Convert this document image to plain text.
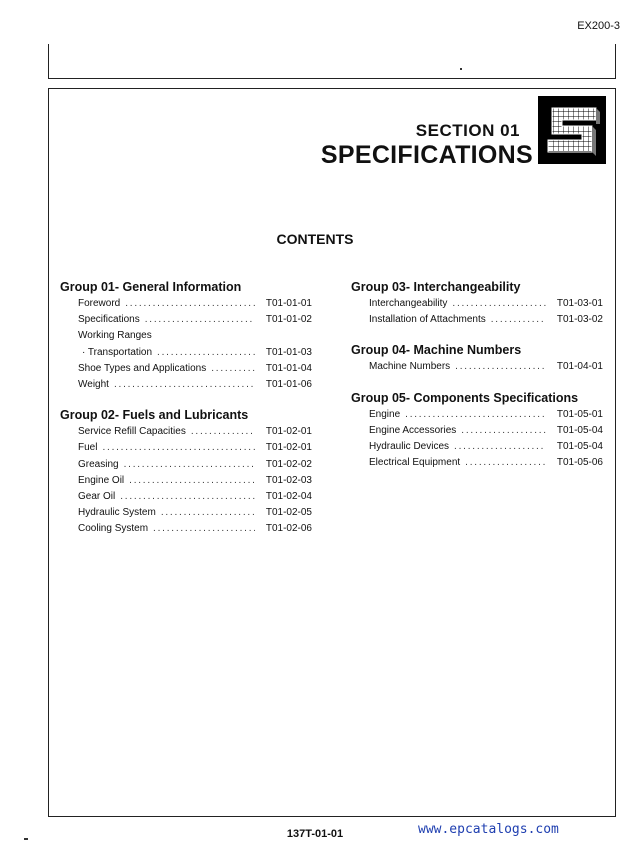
EX200-3
SECTION 01
SPECIFICATIONS
CONTENTS
Group 01- General Information
Foreword . . .	T01-01-01
Specifications . . .	T01-01-02
Working Ranges
· Transportation . . .	T01-01-03
Shoe Types and Applications . . .	T01-01-04
Weight . . .	T01-01-06
Group 02- Fuels and Lubricants
Service Refill Capacities . . .	T01-02-01
Fuel . . .	T01-02-01
Greasing . . .	T01-02-02
Engine Oil . . .	T01-02-03
Gear Oil . . .	T01-02-04
Hydraulic System . . .	T01-02-05
Cooling System . . .	T01-02-06
Group 03- Interchangeability
Interchangeability . . .	T01-03-01
Installation of Attachments . . .	T01-03-02
Group 04- Machine Numbers
Machine Numbers . . .	T01-04-01
Group 05- Components Specifications
Engine . . .	T01-05-01
Engine Accessories . . .	T01-05-04
Hydraulic Devices . . .	T01-05-04
Electrical Equipment . . .	T01-05-06
137T-01-01	www.epcatalogs.com
